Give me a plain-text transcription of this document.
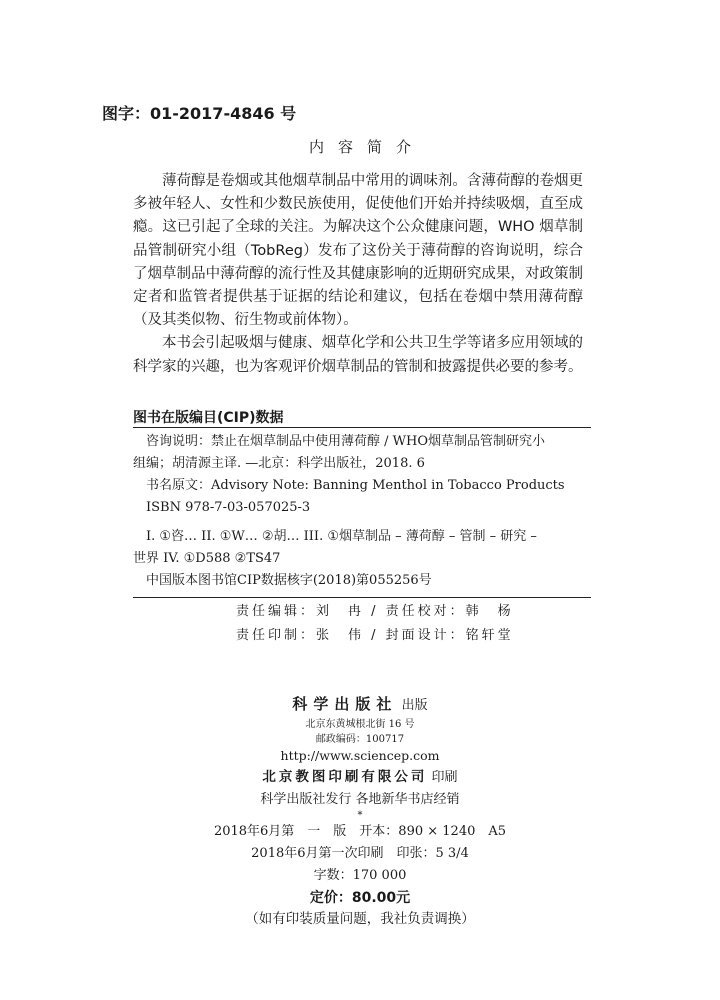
图字：01-2017-4846 号
内容简介

薄荷醇是卷烟或其他烟草制品中常用的调味剂。含薄荷醇的卷烟更多被年轻人、女性和少数民族使用，促使他们开始并持续吸烟，直至成瘾。这已引起了全球的关注。为解决这个公众健康问题，WHO 烟草制品管制研究小组（TobReg）发布了这份关于薄荷醇的咨询说明，综合了烟草制品中薄荷醇的流行性及其健康影响的近期研究成果，对政策制定者和监管者提供基于证据的结论和建议，包括在卷烟中禁用薄荷醇（及其类似物、衍生物或前体物）。

本书会引起吸烟与健康、烟草化学和公共卫生学等诸多应用领域的科学家的兴趣，也为客观评价烟草制品的管制和披露提供必要的参考。

图书在版编目(CIP)数据
咨询说明：禁止在烟草制品中使用薄荷醇 / WHO烟草制品管制研究小
组编；胡清源主译. —北京：科学出版社，2018. 6
书名原文：Advisory Note: Banning Menthol in Tobacco Products
ISBN 978-7-03-057025-3
I. ①咨… II. ①W… ②胡… III. ①烟草制品 – 薄荷醇 – 管制 – 研究 –
世界 IV. ①D588 ②TS47
中国版本图书馆CIP数据核字(2018)第055256号
责任编辑：刘　冉 / 责任校对：韩　杨
责任印制：张　伟 / 封面设计：铭轩堂
科学出版社 出版
北京东黄城根北街 16 号
邮政编码：100717
http://www.sciencep.com
北京教图印刷有限公司 印刷
科学出版社发行 各地新华书店经销
*
2018年6月第　一　版　开本：890 × 1240　A5
2018年6月第一次印刷　印张：5 3/4
字数：170 000
定价：80.00元
（如有印装质量问题，我社负责调换）
